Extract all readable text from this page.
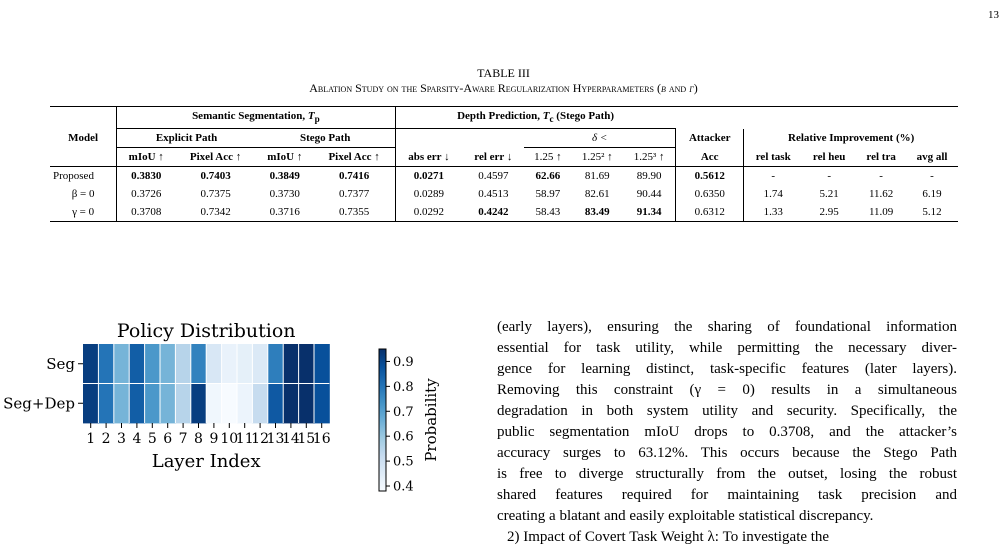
13
TABLE III
Ablation Study on the Sparsity-Aware Regularization Hyperparameters (β and γ)
	Semantic Segmentation, $T_p$				Depth Prediction, $T_c$ (Stego Path)									
Model	Explicit Path		Stego Path				δ <			Attacker	Relative Improvement (%)			
	mIoU ↑	Pixel Acc ↑	mIoU ↑	Pixel Acc ↑	abs err ↓	rel err ↓	1.25 ↑	1.25² ↑	1.25³ ↑	Acc	rel task	rel heu	rel tra	avg all
Proposed	0.3830	0.7403	0.3849	0.7416	0.0271	0.4597	62.66	81.69	89.90	0.5612	-	-	-	-
β = 0	0.3726	0.7375	0.3730	0.7377	0.0289	0.4513	58.97	82.61	90.44	0.6350	1.74	5.21	11.62	6.19
γ = 0	0.3708	0.7342	0.3716	0.7355	0.0292	0.4242	58.43	83.49	91.34	0.6312	1.33	2.95	11.09	5.12
Policy Distribution
Seg
Seg+Dep
1 2 3 4 5 6 7 8 9 10
11
12
13
14
15
16
Layer Index
0.4
0.5
0.6
0.7
0.8
0.9
Probability
(early layers), ensuring the sharing of foundational information
essential for task utility, while permitting the necessary diver-
gence for learning distinct, task-specific features (later layers).
Removing this constraint (γ = 0) results in a simultaneous
degradation in both system utility and security. Specifically, the
public segmentation mIoU drops to 0.3708, and the attacker’s
accuracy surges to 63.12%. This occurs because the Stego Path
is free to diverge structurally from the outset, losing the robust
shared features required for maintaining task precision and
creating a blatant and easily exploitable statistical discrepancy.
2) Impact of Covert Task Weight λ: To investigate the
